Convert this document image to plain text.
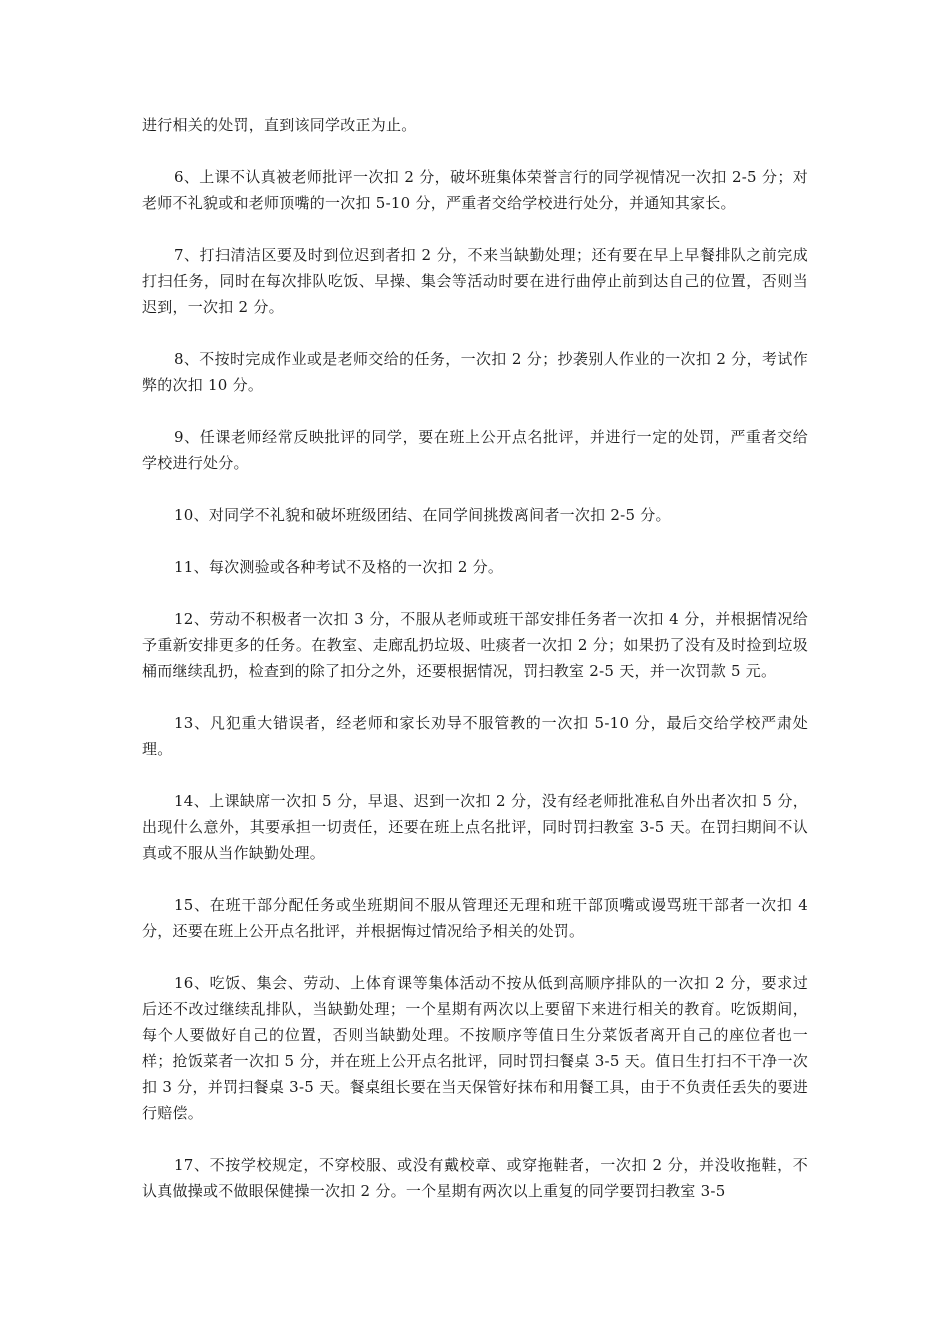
进行相关的处罚，直到该同学改正为止。

6、上课不认真被老师批评一次扣 2 分，破坏班集体荣誉言行的同学视情况一次扣 2-5 分；对老师不礼貌或和老师顶嘴的一次扣 5-10 分，严重者交给学校进行处分，并通知其家长。

7、打扫清洁区要及时到位迟到者扣 2 分，不来当缺勤处理；还有要在早上早餐排队之前完成打扫任务，同时在每次排队吃饭、早操、集会等活动时要在进行曲停止前到达自己的位置，否则当迟到，一次扣 2 分。

8、不按时完成作业或是老师交给的任务，一次扣 2 分；抄袭别人作业的一次扣 2 分，考试作弊的次扣 10 分。

9、任课老师经常反映批评的同学，要在班上公开点名批评，并进行一定的处罚，严重者交给学校进行处分。

10、对同学不礼貌和破坏班级团结、在同学间挑拨离间者一次扣 2-5 分。

11、每次测验或各种考试不及格的一次扣 2 分。

12、劳动不积极者一次扣 3 分，不服从老师或班干部安排任务者一次扣 4 分，并根据情况给予重新安排更多的任务。在教室、走廊乱扔垃圾、吐痰者一次扣 2 分；如果扔了没有及时捡到垃圾桶而继续乱扔，检查到的除了扣分之外，还要根据情况，罚扫教室 2-5 天，并一次罚款 5 元。

13、凡犯重大错误者，经老师和家长劝导不服管教的一次扣 5-10 分，最后交给学校严肃处理。

14、上课缺席一次扣 5 分，早退、迟到一次扣 2 分，没有经老师批准私自外出者次扣 5 分，出现什么意外，其要承担一切责任，还要在班上点名批评，同时罚扫教室 3-5 天。在罚扫期间不认真或不服从当作缺勤处理。

15、在班干部分配任务或坐班期间不服从管理还无理和班干部顶嘴或谩骂班干部者一次扣 4 分，还要在班上公开点名批评，并根据悔过情况给予相关的处罚。

16、吃饭、集会、劳动、上体育课等集体活动不按从低到高顺序排队的一次扣 2 分，要求过后还不改过继续乱排队，当缺勤处理；一个星期有两次以上要留下来进行相关的教育。吃饭期间，每个人要做好自己的位置，否则当缺勤处理。不按顺序等值日生分菜饭者离开自己的座位者也一样；抢饭菜者一次扣 5 分，并在班上公开点名批评，同时罚扫餐桌 3-5 天。值日生打扫不干净一次扣 3 分，并罚扫餐桌 3-5 天。餐桌组长要在当天保管好抹布和用餐工具，由于不负责任丢失的要进行赔偿。

17、不按学校规定，不穿校服、或没有戴校章、或穿拖鞋者，一次扣 2 分，并没收拖鞋，不认真做操或不做眼保健操一次扣 2 分。一个星期有两次以上重复的同学要罚扫教室 3-5
